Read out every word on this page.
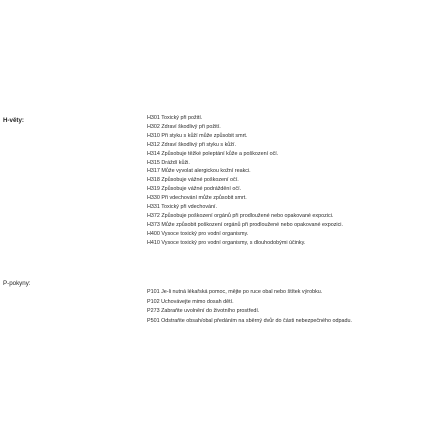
H-věty:	H301 Toxický při požití.
H302 Zdraví škodlivý při požití.
H310 Při styku s kůží může způsobit smrt.
H312 Zdraví škodlivý při styku s kůží.
H314 Způsobuje těžké poleptání kůže a poškození očí.
H315 Dráždí kůži.
H317 Může vyvolat alergickou kožní reakci.
H318 Způsobuje vážné poškození očí.
H319 Způsobuje vážné podráždění očí.
H330 Při vdechování může způsobit smrt.
H331 Toxický při vdechování.
H372 Způsobuje poškození orgánů při prodloužené nebo opakované expozici.
H373 Může způsobit poškození orgánů při prodloužené nebo opakované expozici.
H400 Vysoce toxický pro vodní organismy.
H410 Vysoce toxický pro vodní organismy, s dlouhodobými účinky.
P-pokyny:
P101 Je-li nutná lékařská pomoc, mějte po ruce obal nebo štítek výrobku.
P102 Uchovávejte mimo dosah dětí.
P273 Zabraňte uvolnění do životního prostředí.
P501 Odstraňte obsah/obal předáním na sběrný dvůr do části nebezpečného odpadu.
